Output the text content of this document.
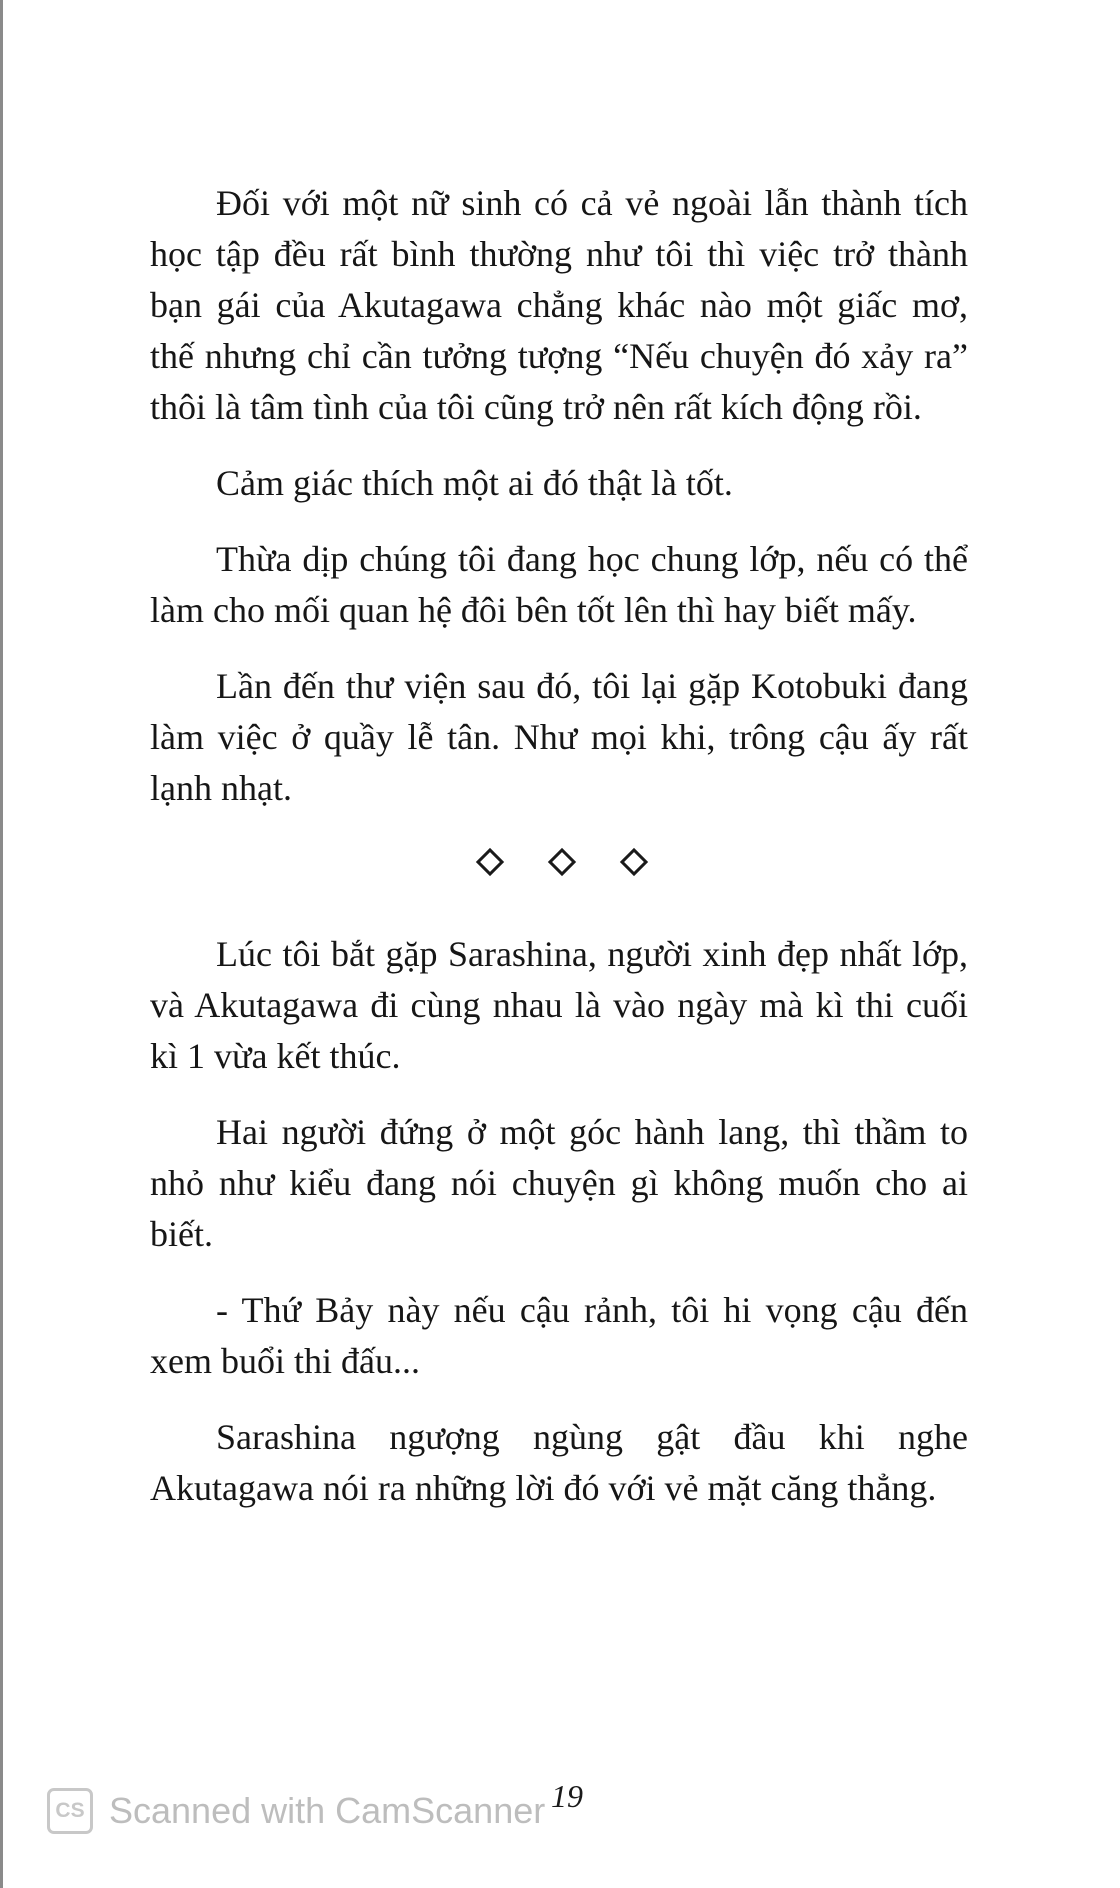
Đối với một nữ sinh có cả vẻ ngoài lẫn thành tích học tập đều rất bình thường như tôi thì việc trở thành bạn gái của Akutagawa chẳng khác nào một giấc mơ, thế nhưng chỉ cần tưởng tượng “Nếu chuyện đó xảy ra” thôi là tâm tình của tôi cũng trở nên rất kích động rồi.

Cảm giác thích một ai đó thật là tốt.

Thừa dịp chúng tôi đang học chung lớp, nếu có thể làm cho mối quan hệ đôi bên tốt lên thì hay biết mấy.

Lần đến thư viện sau đó, tôi lại gặp Kotobuki đang làm việc ở quầy lễ tân. Như mọi khi, trông cậu ấy rất lạnh nhạt.

Lúc tôi bắt gặp Sarashina, người xinh đẹp nhất lớp, và Akutagawa đi cùng nhau là vào ngày mà kì thi cuối kì 1 vừa kết thúc.

Hai người đứng ở một góc hành lang, thì thầm to nhỏ như kiểu đang nói chuyện gì không muốn cho ai biết.

- Thứ Bảy này nếu cậu rảnh, tôi hi vọng cậu đến xem buổi thi đấu...

Sarashina ngượng ngùng gật đầu khi nghe Akutagawa nói ra những lời đó với vẻ mặt căng thẳng.

CS Scanned with CamScanner 19
